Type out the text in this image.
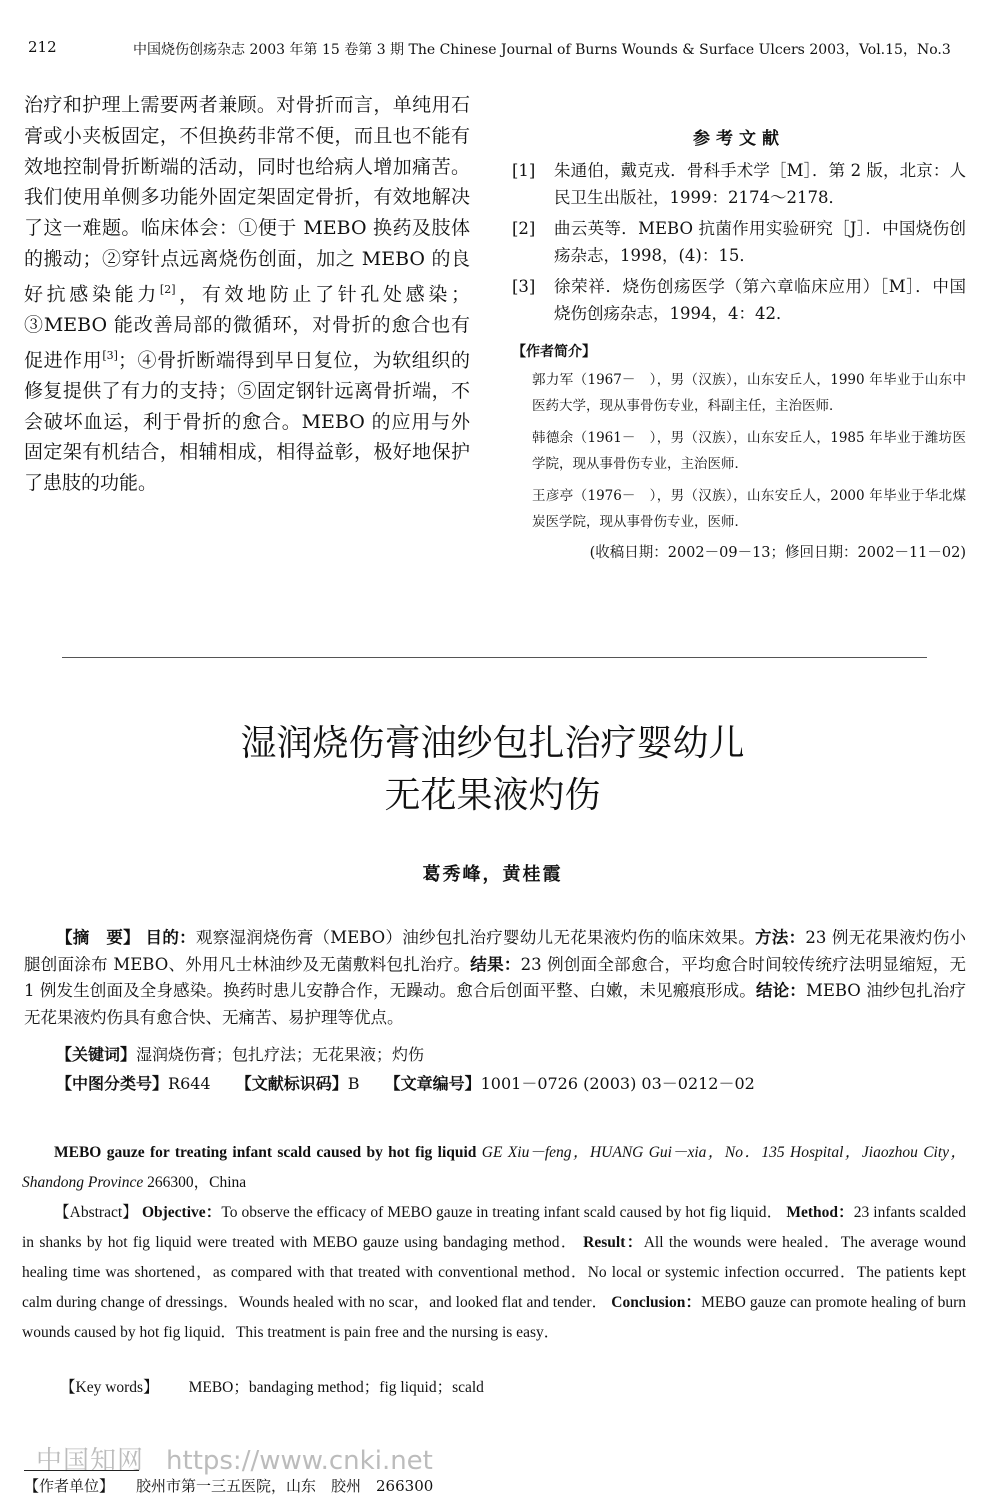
212	中国烧伤创疡杂志 2003 年第 15 卷第 3 期 The Chinese Journal of Burns Wounds & Surface Ulcers 2003，Vol.15，No.3

治疗和护理上需要两者兼顾。对骨折而言，单纯用石膏或小夹板固定，不但换药非常不便，而且也不能有效地控制骨折断端的活动，同时也给病人增加痛苦。我们使用单侧多功能外固定架固定骨折，有效地解决了这一难题。临床体会：①便于 MEBO 换药及肢体的搬动；②穿针点远离烧伤创面，加之 MEBO 的良好抗感染能力[2]，有效地防止了针孔处感染；③MEBO 能改善局部的微循环，对骨折的愈合也有促进作用[3]；④骨折断端得到早日复位，为软组织的修复提供了有力的支持；⑤固定钢针远离骨折端，不会破坏血运，利于骨折的愈合。MEBO 的应用与外固定架有机结合，相辅相成，相得益彰，极好地保护了患肢的功能。

参考文献
[1]	朱通伯，戴克戎．骨科手术学［M］．第 2 版，北京：人民卫生出版社，1999：2174～2178．
[2]	曲云英等．MEBO 抗菌作用实验研究［J］．中国烧伤创疡杂志，1998，(4)：15．
[3]	徐荣祥．烧伤创疡医学（第六章临床应用）［M］．中国烧伤创疡杂志，1994，4：42．
【作者简介】

郭力军（1967－　），男（汉族），山东安丘人，1990 年毕业于山东中医药大学，现从事骨伤专业，科副主任，主治医师．

韩德余（1961－　），男（汉族），山东安丘人，1985 年毕业于潍坊医学院，现从事骨伤专业，主治医师．

王彦亭（1976－　），男（汉族），山东安丘人，2000 年毕业于华北煤炭医学院，现从事骨伤专业，医师．

(收稿日期：2002－09－13；修回日期：2002－11－02)
湿润烧伤膏油纱包扎治疗婴幼儿
无花果液灼伤
葛秀峰，黄桂霞

【摘　要】 目的：观察湿润烧伤膏（MEBO）油纱包扎治疗婴幼儿无花果液灼伤的临床效果。方法：23 例无花果液灼伤小腿创面涂布 MEBO、外用凡士林油纱及无菌敷料包扎治疗。结果：23 例创面全部愈合，平均愈合时间较传统疗法明显缩短，无 1 例发生创面及全身感染。换药时患儿安静合作，无躁动。愈合后创面平整、白嫩，未见瘢痕形成。结论：MEBO 油纱包扎治疗无花果液灼伤具有愈合快、无痛苦、易护理等优点。

【关键词】湿润烧伤膏；包扎疗法；无花果液；灼伤
【中图分类号】R644 【文献标识码】B 【文章编号】1001－0726 (2003) 03－0212－02

MEBO gauze for treating infant scald caused by hot fig liquid GE Xiu－feng，HUANG Gui－xia，No．135 Hospital，Jiaozhou City，Shandong Province 266300，China

【Abstract】 Objective：To observe the efficacy of MEBO gauze in treating infant scald caused by hot fig liquid． Method：23 infants scalded in shanks by hot fig liquid were treated with MEBO gauze using bandaging method． Result：All the wounds were healed．The average wound healing time was shortened，as compared with that treated with conventional method．No local or systemic infection occurred．The patients kept calm during change of dressings．Wounds healed with no scar，and looked flat and tender． Conclusion：MEBO gauze can promote healing of burn wounds caused by hot fig liquid．This treatment is pain free and the nursing is easy．

【Key words】 MEBO；bandaging method；fig liquid；scald
中国知网 https://www.cnki.net
【作者单位】 胶州市第一三五医院，山东　胶州　266300
